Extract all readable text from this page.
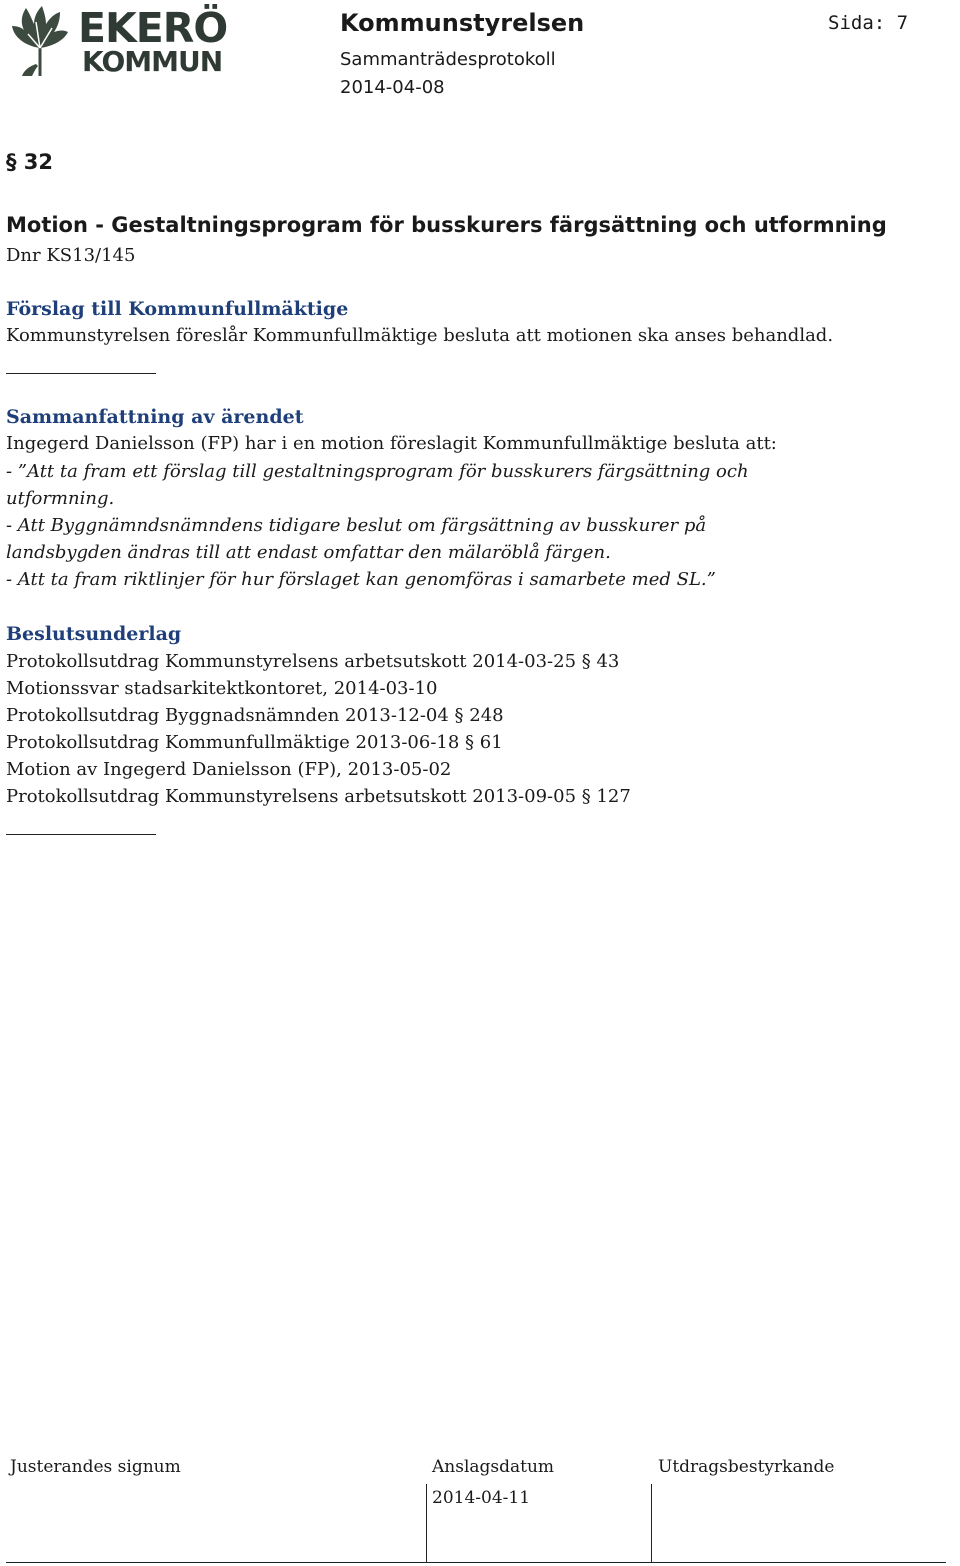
EKERÖ
KOMMUN
Kommunstyrelsen
Sammanträdesprotokoll
2014-04-08
Sida: 7
§ 32
Motion - Gestaltningsprogram för busskurers färgsättning och utformning
Dnr KS13/145
Förslag till Kommunfullmäktige
Kommunstyrelsen föreslår Kommunfullmäktige besluta att motionen ska anses behandlad.
Sammanfattning av ärendet
Ingegerd Danielsson (FP) har i en motion föreslagit Kommunfullmäktige besluta att:
- ”Att ta fram ett förslag till gestaltningsprogram för busskurers färgsättning och
utformning.
- Att Byggnämndsnämndens tidigare beslut om färgsättning av busskurer på
landsbygden ändras till att endast omfattar den mälaröblå färgen.
- Att ta fram riktlinjer för hur förslaget kan genomföras i samarbete med SL.”
Beslutsunderlag
Protokollsutdrag Kommunstyrelsens arbetsutskott 2014-03-25 § 43
Motionssvar stadsarkitektkontoret, 2014-03-10
Protokollsutdrag Byggnadsnämnden 2013-12-04 § 248
Protokollsutdrag Kommunfullmäktige 2013-06-18 § 61
Motion av Ingegerd Danielsson (FP), 2013-05-02
Protokollsutdrag Kommunstyrelsens arbetsutskott 2013-09-05 § 127
Justerandes signum	Anslagsdatum	Utdragsbestyrkande
2014-04-11
